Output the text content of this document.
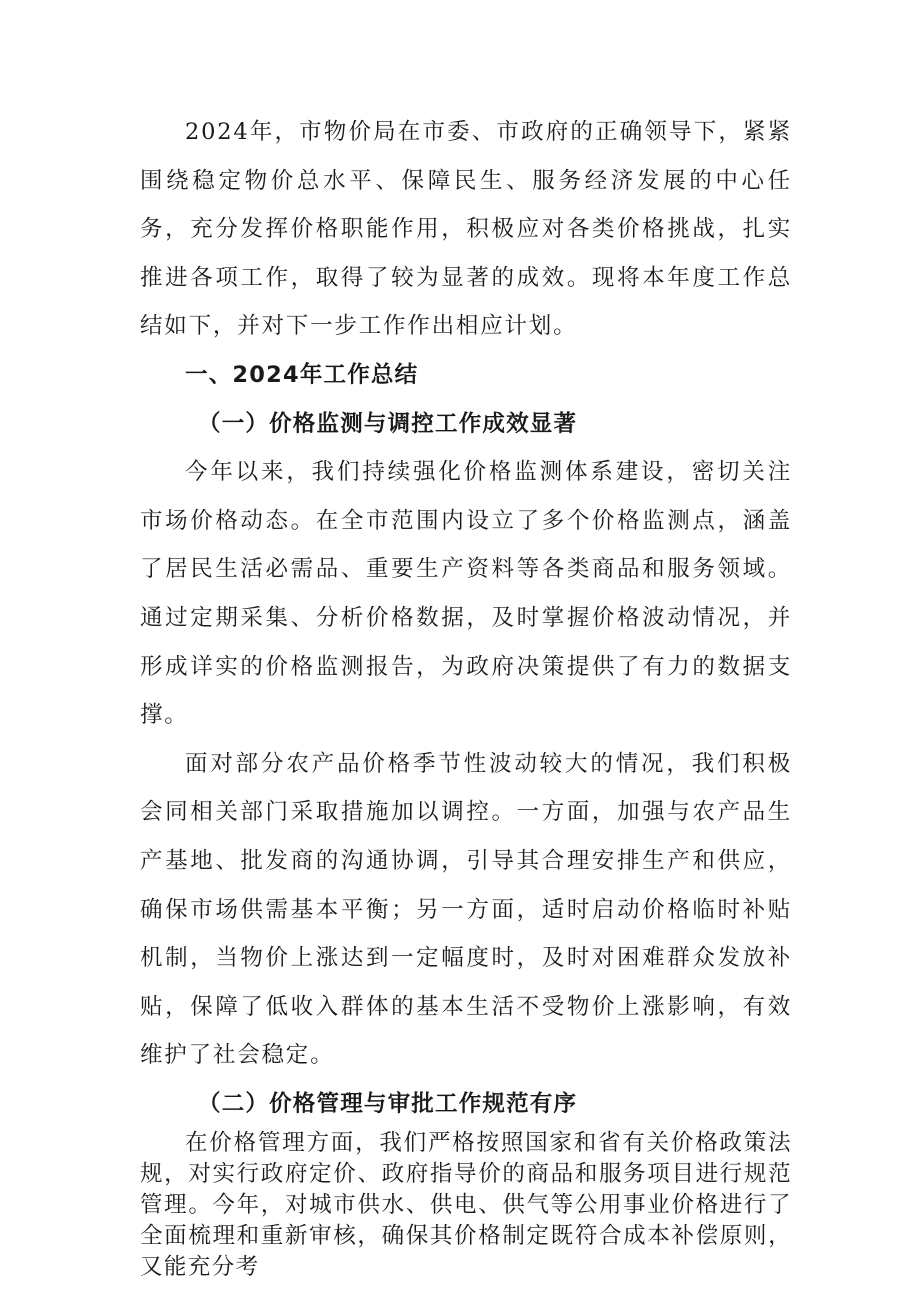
2024年，市物价局在市委、市政府的正确领导下，紧紧围绕稳定物价总水平、保障民生、服务经济发展的中心任务，充分发挥价格职能作用，积极应对各类价格挑战，扎实推进各项工作，取得了较为显著的成效。现将本年度工作总结如下，并对下一步工作作出相应计划。

一、2024年工作总结

（一）价格监测与调控工作成效显著

今年以来，我们持续强化价格监测体系建设，密切关注市场价格动态。在全市范围内设立了多个价格监测点，涵盖了居民生活必需品、重要生产资料等各类商品和服务领域。通过定期采集、分析价格数据，及时掌握价格波动情况，并形成详实的价格监测报告，为政府决策提供了有力的数据支撑。

面对部分农产品价格季节性波动较大的情况，我们积极会同相关部门采取措施加以调控。一方面，加强与农产品生产基地、批发商的沟通协调，引导其合理安排生产和供应，确保市场供需基本平衡；另一方面，适时启动价格临时补贴机制，当物价上涨达到一定幅度时，及时对困难群众发放补贴，保障了低收入群体的基本生活不受物价上涨影响，有效维护了社会稳定。

（二）价格管理与审批工作规范有序

在价格管理方面，我们严格按照国家和省有关价格政策法规，对实行政府定价、政府指导价的商品和服务项目进行规范管理。今年，对城市供水、供电、供气等公用事业价格进行了全面梳理和重新审核，确保其价格制定既符合成本补偿原则，又能充分考
